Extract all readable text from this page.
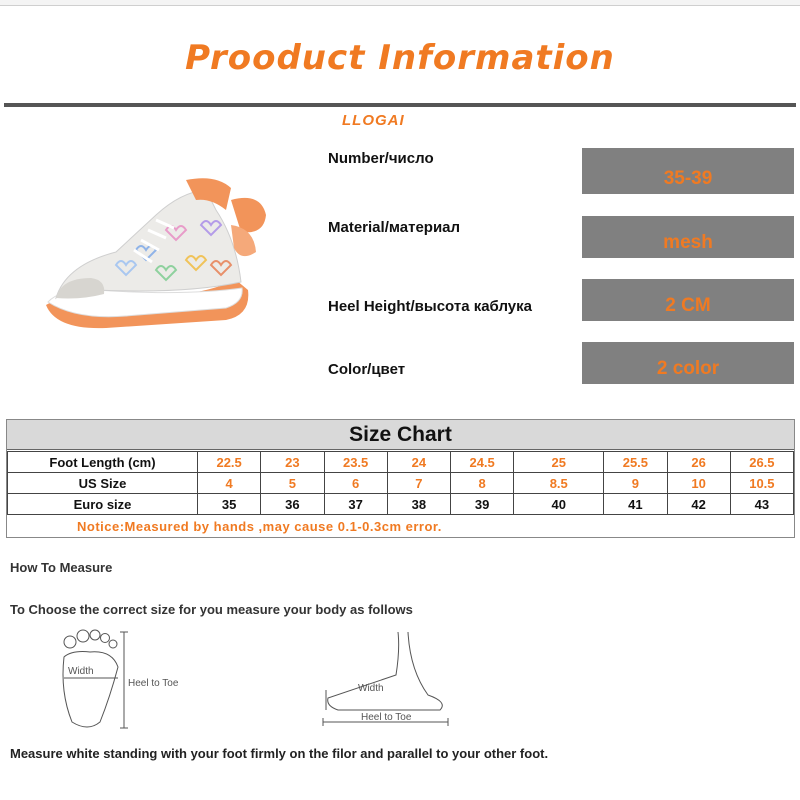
Prooduct Information
LLOGAI
Number/число
35-39
Material/материал
mesh
Heel Height/высота каблука	2 CM
Color/цвет	2 color
Size Chart
Foot Length (cm)	22.5	23	23.5	24	24.5	25	25.5	26	26.5
US Size	4	5	6	7	8	8.5	9	10	10.5
Euro size	35	36	37	38	39	40	41	42	43
Notice:Measured by hands ,may cause 0.1-0.3cm error.
How To Measure
To Choose the correct size for you measure your body as follows
Width
Heel to Toe	Width
Heel to Toe
Measure white standing with your foot firmly on the filor and parallel to your other foot.
